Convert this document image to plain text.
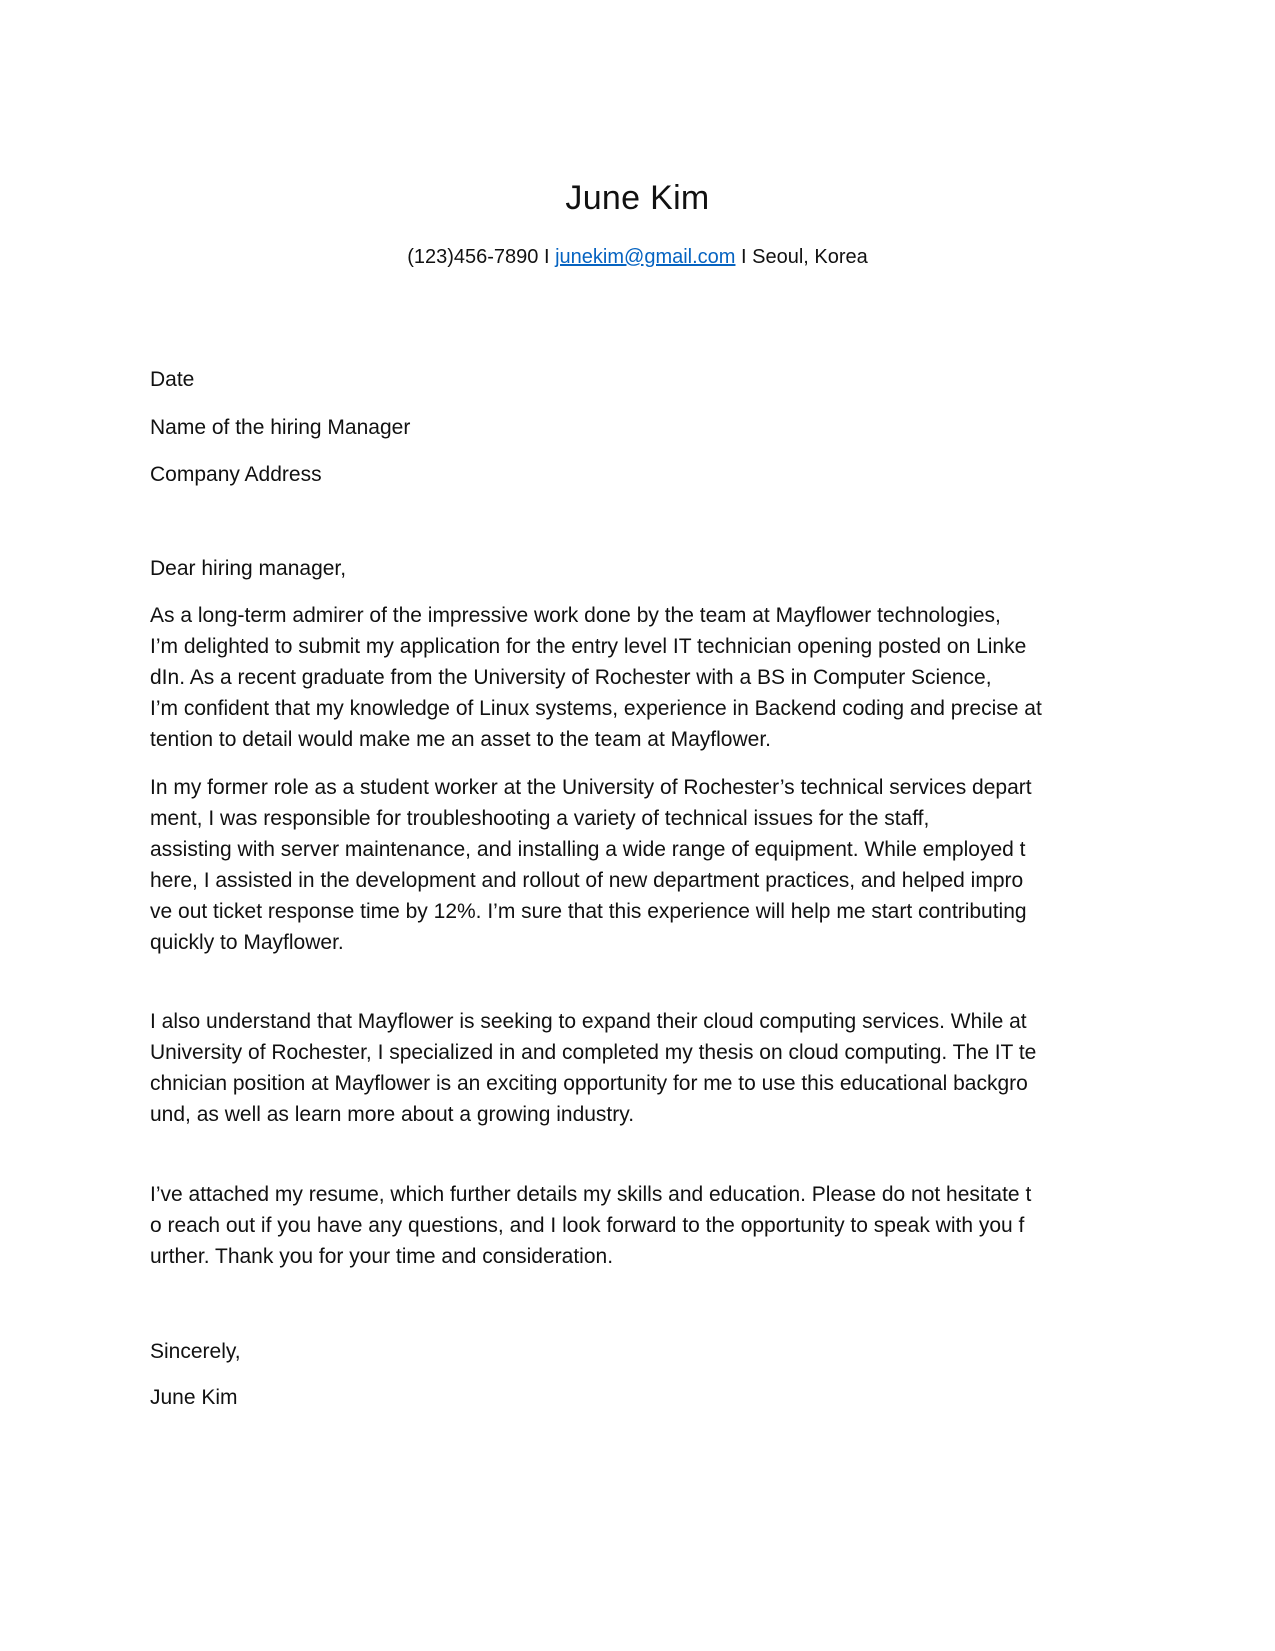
June Kim
(123)456-7890 I junekim@gmail.com I Seoul, Korea
Date
Name of the hiring Manager
Company Address
Dear hiring manager,
As a long-term admirer of the impressive work done by the team at Mayflower technologies,
I’m delighted to submit my application for the entry level IT technician opening posted on Linke
dIn. As a recent graduate from the University of Rochester with a BS in Computer Science,
I’m confident that my knowledge of Linux systems, experience in Backend coding and precise at
tention to detail would make me an asset to the team at Mayflower.
In my former role as a student worker at the University of Rochester’s technical services depart
ment, I was responsible for troubleshooting a variety of technical issues for the staff,
assisting with server maintenance, and installing a wide range of equipment. While employed t
here, I assisted in the development and rollout of new department practices, and helped impro
ve out ticket response time by 12%. I’m sure that this experience will help me start contributing
quickly to Mayflower.
I also understand that Mayflower is seeking to expand their cloud computing services. While at
University of Rochester, I specialized in and completed my thesis on cloud computing. The IT te
chnician position at Mayflower is an exciting opportunity for me to use this educational backgro
und, as well as learn more about a growing industry.
I’ve attached my resume, which further details my skills and education. Please do not hesitate t
o reach out if you have any questions, and I look forward to the opportunity to speak with you f
urther. Thank you for your time and consideration.
Sincerely,
June Kim
